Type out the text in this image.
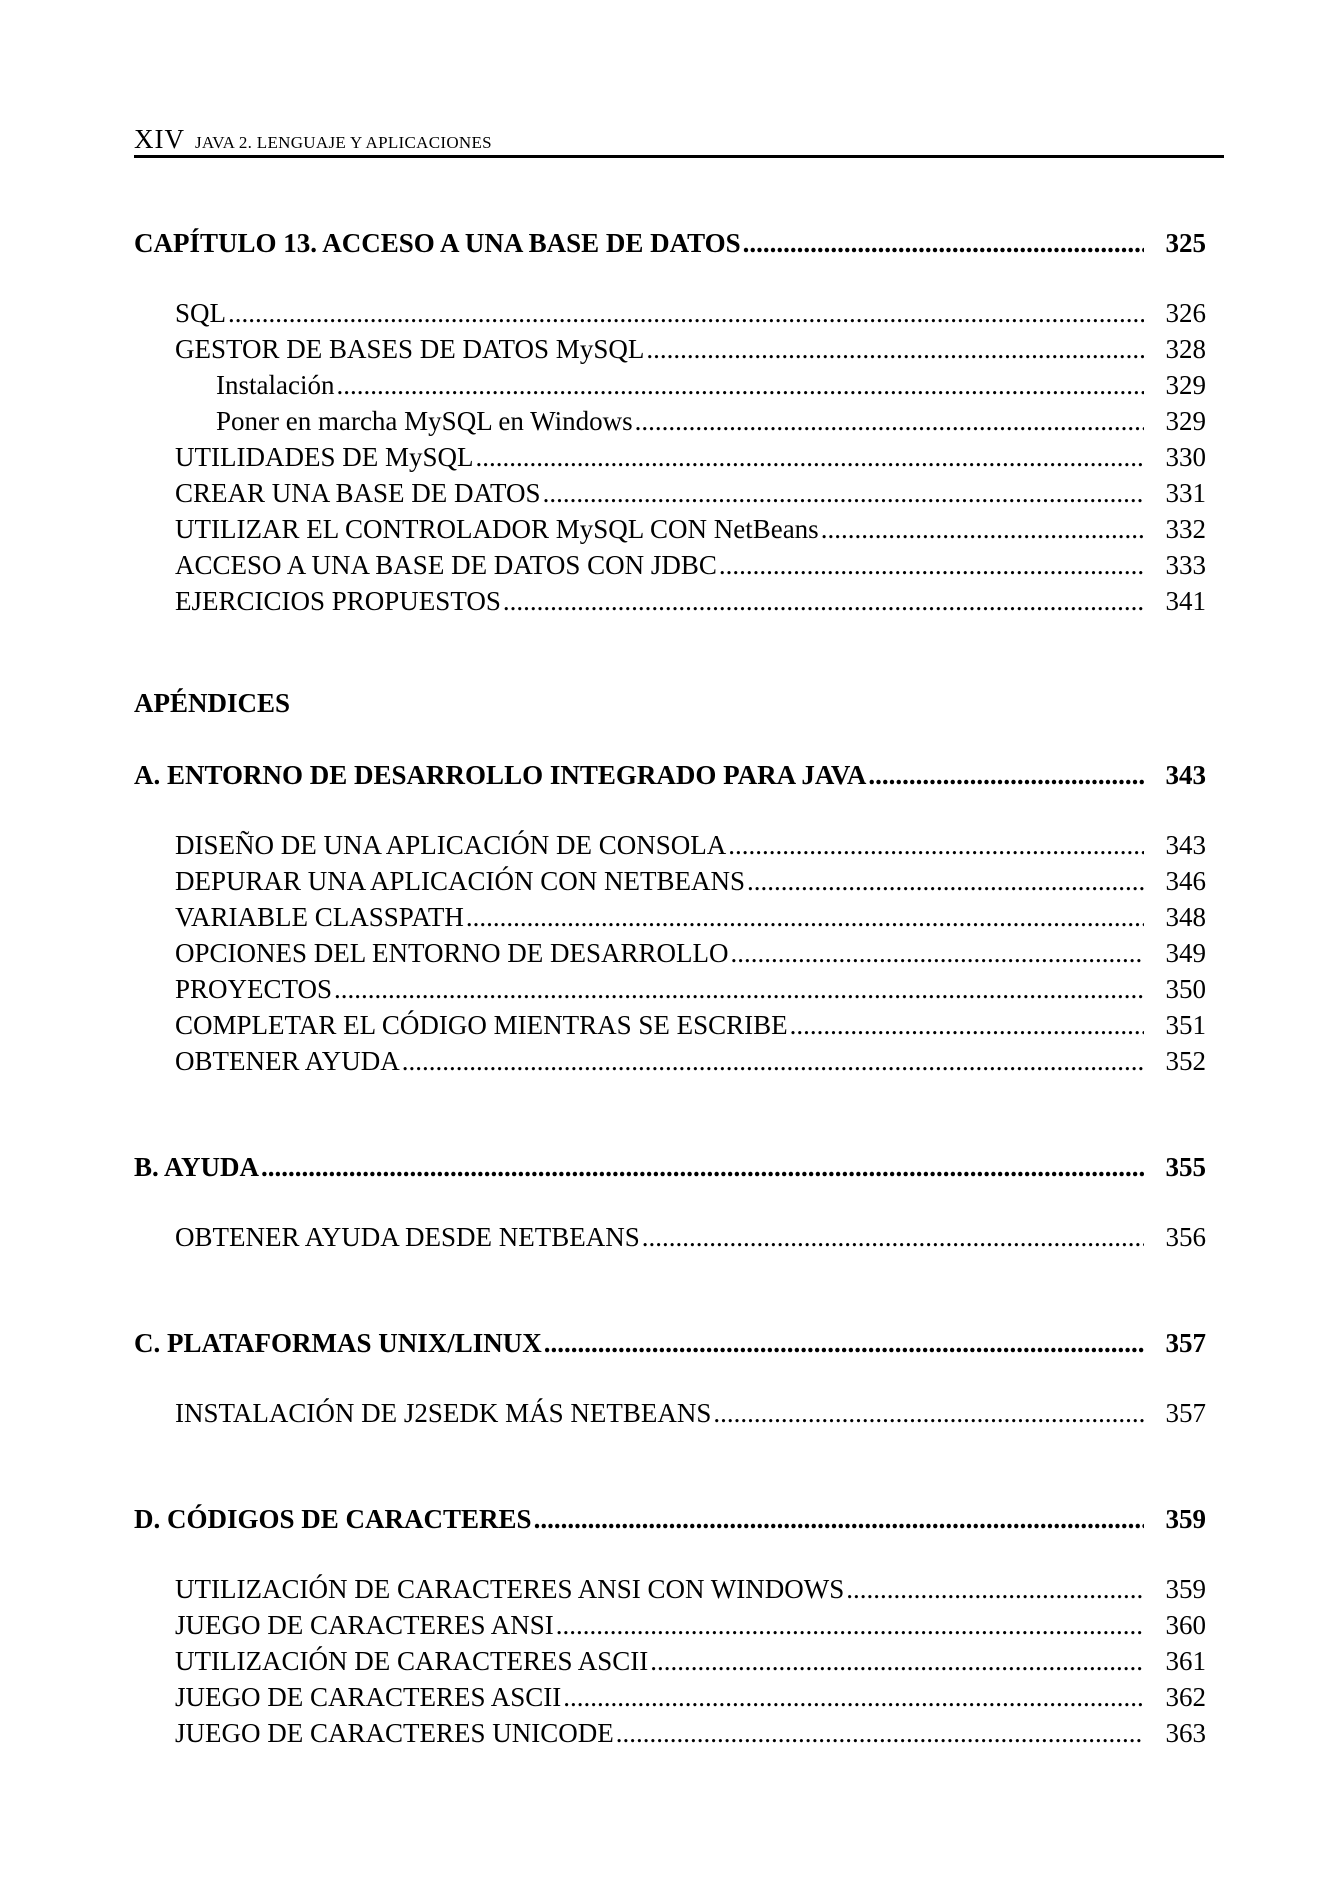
XIV JAVA 2. LENGUAJE Y APLICACIONES
CAPÍTULO 13. ACCESO A UNA BASE DE DATOS .....	325
SQL .....	326
GESTOR DE BASES DE DATOS MySQL .....	328
Instalación .....	329
Poner en marcha MySQL en Windows .....	329
UTILIDADES DE MySQL .....	330
CREAR UNA BASE DE DATOS .....	331
UTILIZAR EL CONTROLADOR MySQL CON NetBeans .....	332
ACCESO A UNA BASE DE DATOS CON JDBC .....	333
EJERCICIOS PROPUESTOS .....	341
APÉNDICES
A. ENTORNO DE DESARROLLO INTEGRADO PARA JAVA .....	343
DISEÑO DE UNA APLICACIÓN DE CONSOLA .....	343
DEPURAR UNA APLICACIÓN CON NETBEANS .....	346
VARIABLE CLASSPATH .....	348
OPCIONES DEL ENTORNO DE DESARROLLO .....	349
PROYECTOS .....	350
COMPLETAR EL CÓDIGO MIENTRAS SE ESCRIBE .....	351
OBTENER AYUDA .....	352
B. AYUDA .....	355
OBTENER AYUDA DESDE NETBEANS .....	356
C. PLATAFORMAS UNIX/LINUX .....	357
INSTALACIÓN DE J2SEDK MÁS NETBEANS .....	357
D. CÓDIGOS DE CARACTERES .....	359
UTILIZACIÓN DE CARACTERES ANSI CON WINDOWS .....	359
JUEGO DE CARACTERES ANSI .....	360
UTILIZACIÓN DE CARACTERES ASCII .....	361
JUEGO DE CARACTERES ASCII .....	362
JUEGO DE CARACTERES UNICODE .....	363
